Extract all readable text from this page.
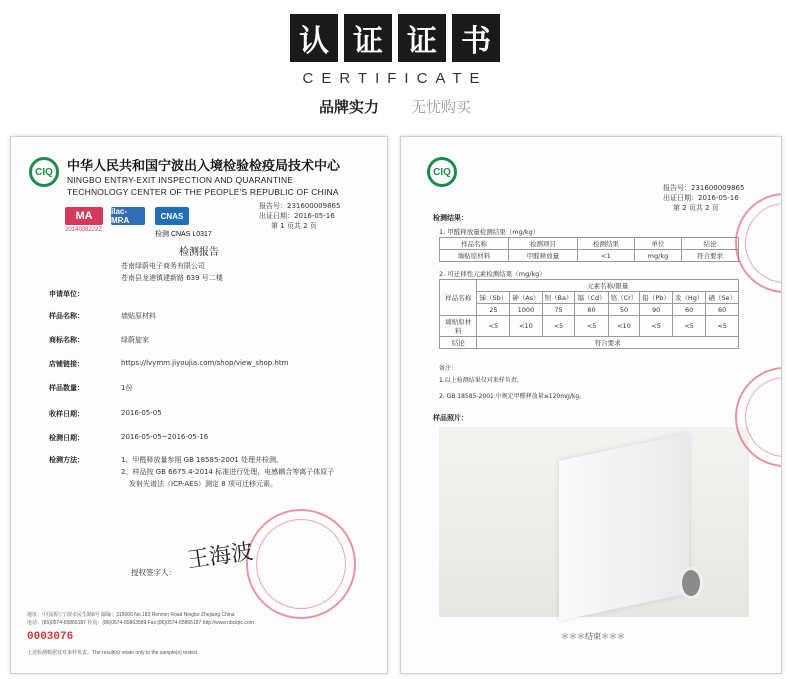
认 证 证 书
CERTIFICATE
品牌实力 无忧购买
CIQ	中华人民共和国宁波出入境检验检疫局技术中心
NINGBO ENTRY-EXIT INSPECTION AND QUARANTINE
TECHNOLOGY CENTER OF THE PEOPLE'S REPUBLIC OF CHINA
MA
2014008222Z
ilac-MRA	CNAS
检测 CNAS L0317
报告号：231600009865
出证日期：2016-05-16
第 1 页共 2 页
检测报告
申请单位：
苍南绿蔚电子商务有限公司
苍南县龙港镇建新路 639 号二楼
样品名称：	墙贴原材料
商标名称：	绿蔚旋家
店铺链接：	https://lvymm.jiyoujia.com/shop/view_shop.htm
样品数量：	1份
收样日期：	2016-05-05
检测日期：	2016-05-05~2016-05-16
检测方法：	1、甲醛释放量参照 GB 18585-2001 处理并检测。
2、样品按 GB 6675.4-2014 标准进行处理，电感耦合等离子体原子
发射光谱法（ICP-AES）测定 8 项可迁移元素。
王海波
授权签字人：
地址：中国浙江宁波市民生路8号 邮编：315000 No.183 Renmin Road Ningbo Zhejiang China
电话：(86)0574-65865187 传真：(86)0574-65863589 Fax:(86)0574-65865187 http://www.nbciqtc.com
0003076
上述检测数据仅对来样负责。The result(s) relate only to the sample(s) tested.
CIQ
报告号：231600009865
出证日期：2016-05-16
第 2 页共 2 页
检测结果：
1. 甲醛释放量检测结果（mg/kg）
样品名称	检测项目	检测结果	单位	结论
墙贴原材料	甲醛释放量	<1	mg/kg	符合要求
2. 可迁移性元素检测结果（mg/kg）
样品名称	元素名称/限量							
	锑（Sb）	砷（As）	钡（Ba）	镉（Cd）	铬（Cr）	铅（Pb）	汞（Hg）	硒（Se）
	25	1000	75	60	50	90	60	60
墙贴原材料	<5	<10	<5	<5	<10	<5	<5	<5
结论	符合要求							
备注：
1.以上检测结果仅对来样负责。
2. GB 18585-2001 中规定甲醛释放量≤120mg/kg。
样品照片：
＊＊＊结束＊＊＊
